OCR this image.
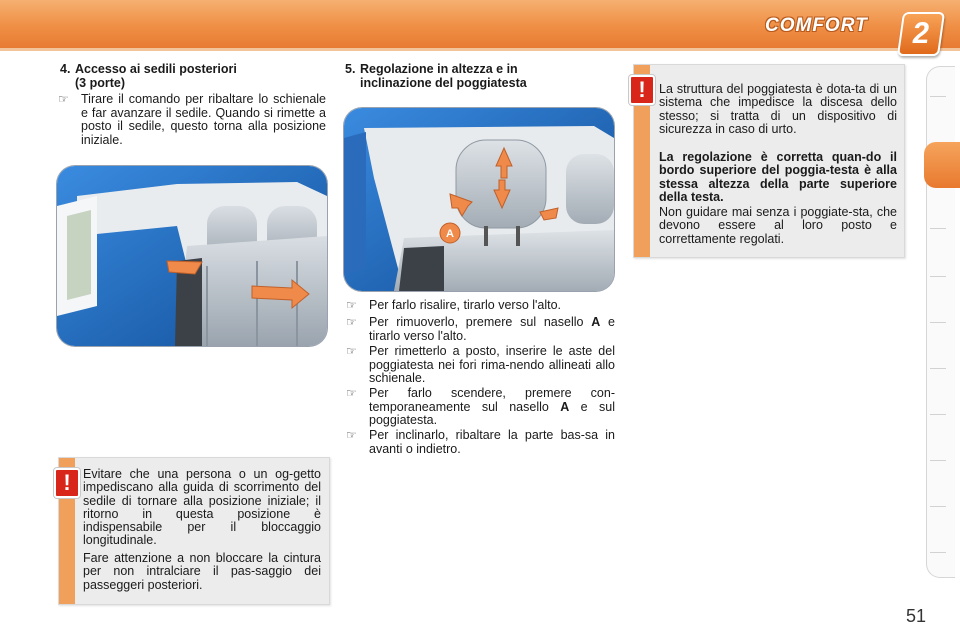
COMFORT	2
4. Accesso ai sedili posteriori
(3 porte)
☞ Tirare il comando per ribaltare lo schienale e far avanzare il sedile. Quando si rimette a posto il sedile, questo torna alla posizione iniziale.
5. Regolazione in altezza e in
inclinazione del poggiatesta
A
☞ Per farlo risalire, tirarlo verso l'alto.
☞ Per rimuoverlo, premere sul nasello A e tirarlo verso l'alto.
☞ Per rimetterlo a posto, inserire le aste del poggiatesta nei fori rima-nendo allineati allo schienale.
☞ Per farlo scendere, premere con-temporaneamente sul nasello A e sul poggiatesta.
☞ Per inclinarlo, ribaltare la parte bas-sa in avanti o indietro.
! Evitare che una persona o un og-getto impediscano alla guida di scorrimento del sedile di tornare alla posizione iniziale; il ritorno in questa posizione è indispensabile per il bloccaggio longitudinale.

Fare attenzione a non bloccare la cintura per non intralciare il pas-saggio dei passeggeri posteriori.

!	La struttura del poggiatesta è dota-ta di un sistema che impedisce la discesa dello stesso; si tratta di un dispositivo di sicurezza in caso di urto.

La regolazione è corretta quan-do il bordo superiore del poggia-testa è alla stessa altezza della parte superiore della testa.

Non guidare mai senza i poggiate-sta, che devono essere al loro posto e correttamente regolati.

51
